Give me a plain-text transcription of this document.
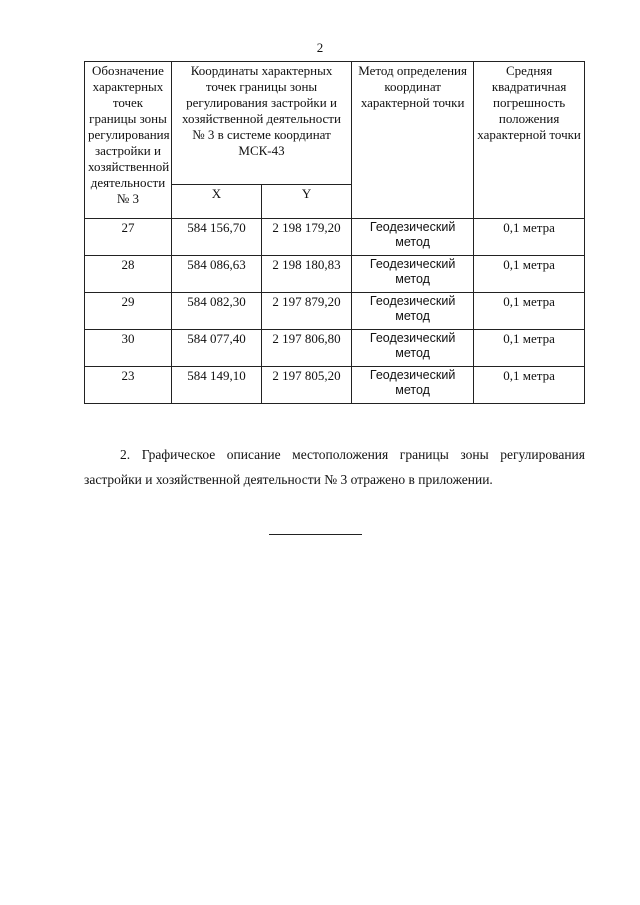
2
Обозначение характерных точек границы зоны регулирования застройки и хозяйственной деятельности № 3	Координаты характерных точек границы зоны регулирования застройки и хозяйственной деятельности № 3 в системе координат МСК-43		Метод определения координат характерной точки	Средняя квадратичная погрешность положения характерной точки
	X	Y		
27	584 156,70	2 198 179,20	Геодезический метод	0,1 метра
28	584 086,63	2 198 180,83	Геодезический метод	0,1 метра
29	584 082,30	2 197 879,20	Геодезический метод	0,1 метра
30	584 077,40	2 197 806,80	Геодезический метод	0,1 метра
23	584 149,10	2 197 805,20	Геодезический метод	0,1 метра

2. Графическое описание местоположения границы зоны регулирования застройки и хозяйственной деятельности № 3 отражено в приложении.
